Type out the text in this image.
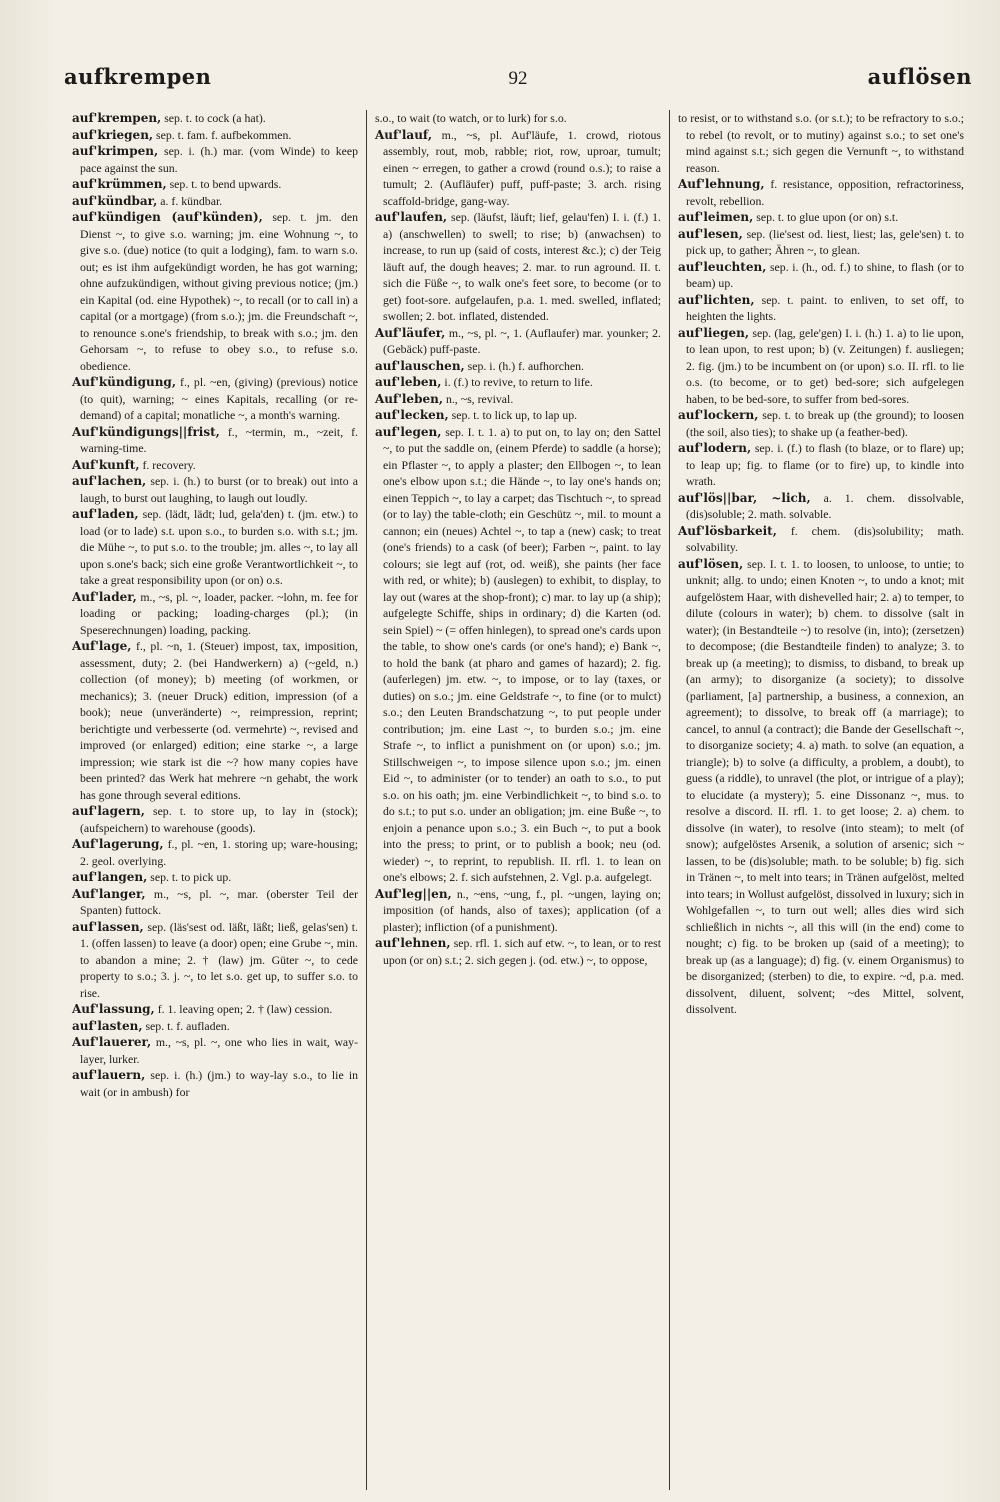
aufkrempen	92	auflösen

auf'krempen, sep. t. to cock (a hat).

auf'kriegen, sep. t. fam. f. aufbekommen.

auf'krimpen, sep. i. (h.) mar. (vom Winde) to keep pace against the sun.

auf'krümmen, sep. t. to bend upwards.

auf'kündbar, a. f. kündbar.

auf'kündigen (auf'künden), sep. t. jm. den Dienst ~, to give s.o. warning; jm. eine Wohnung ~, to give s.o. (due) notice (to quit a lodging), fam. to warn s.o. out; es ist ihm aufgekündigt worden, he has got warning; ohne aufzukündigen, without giving previous notice; (jm.) ein Kapital (od. eine Hypothek) ~, to recall (or to call in) a capital (or a mortgage) (from s.o.); jm. die Freundschaft ~, to renounce s.one's friendship, to break with s.o.; jm. den Gehorsam ~, to refuse to obey s.o., to refuse s.o. obedience.

Auf'kündigung, f., pl. ~en, (giving) (previous) notice (to quit), warning; ~ eines Kapitals, recalling (or re-demand) of a capital; monatliche ~, a month's warning.

Auf'kündigungs||frist, f., ~termin, m., ~zeit, f. warning-time.

Auf'kunft, f. recovery.

auf'lachen, sep. i. (h.) to burst (or to break) out into a laugh, to burst out laughing, to laugh out loudly.

auf'laden, sep. (lädt, lädt; lud, gela'den) t. (jm. etw.) to load (or to lade) s.t. upon s.o., to burden s.o. with s.t.; jm. die Mühe ~, to put s.o. to the trouble; jm. alles ~, to lay all upon s.one's back; sich eine große Verantwortlichkeit ~, to take a great responsibility upon (or on) o.s.

Auf'lader, m., ~s, pl. ~, loader, packer. ~lohn, m. fee for loading or packing; loading-charges (pl.); (in Speserechnungen) loading, packing.

Auf'lage, f., pl. ~n, 1. (Steuer) impost, tax, imposition, assessment, duty; 2. (bei Handwerkern) a) (~geld, n.) collection (of money); b) meeting (of workmen, or mechanics); 3. (neuer Druck) edition, impression (of a book); neue (unveränderte) ~, reimpression, reprint; berichtigte und verbesserte (od. vermehrte) ~, revised and improved (or enlarged) edition; eine starke ~, a large impression; wie stark ist die ~? how many copies have been printed? das Werk hat mehrere ~n gehabt, the work has gone through several editions.

auf'lagern, sep. t. to store up, to lay in (stock); (aufspeichern) to warehouse (goods).

Auf'lagerung, f., pl. ~en, 1. storing up; ware-housing; 2. geol. overlying.

auf'langen, sep. t. to pick up.

Auf'langer, m., ~s, pl. ~, mar. (oberster Teil der Spanten) futtock.

auf'lassen, sep. (läs'sest od. läßt, läßt; ließ, gelas'sen) t. 1. (offen lassen) to leave (a door) open; eine Grube ~, min. to abandon a mine; 2. † (law) jm. Güter ~, to cede property to s.o.; 3. j. ~, to let s.o. get up, to suffer s.o. to rise.

Auf'lassung, f. 1. leaving open; 2. † (law) cession.

auf'lasten, sep. t. f. aufladen.

Auf'lauerer, m., ~s, pl. ~, one who lies in wait, way-layer, lurker.

auf'lauern, sep. i. (h.) (jm.) to way-lay s.o., to lie in wait (or in ambush) for

s.o., to wait (to watch, or to lurk) for s.o.

Auf'lauf, m., ~s, pl. Auf'läufe, 1. crowd, riotous assembly, rout, mob, rabble; riot, row, uproar, tumult; einen ~ erregen, to gather a crowd (round o.s.); to raise a tumult; 2. (Aufläufer) puff, puff-paste; 3. arch. rising scaffold-bridge, gang-way.

auf'laufen, sep. (läufst, läuft; lief, gelau'fen) I. i. (f.) 1. a) (anschwellen) to swell; to rise; b) (anwachsen) to increase, to run up (said of costs, interest &c.); c) der Teig läuft auf, the dough heaves; 2. mar. to run aground. II. t. sich die Füße ~, to walk one's feet sore, to become (or to get) foot-sore. aufgelaufen, p.a. 1. med. swelled, inflated; swollen; 2. bot. inflated, distended.

Auf'läufer, m., ~s, pl. ~, 1. (Auflaufer) mar. younker; 2. (Gebäck) puff-paste.

auf'lauschen, sep. i. (h.) f. aufhorchen.

auf'leben, i. (f.) to revive, to return to life.

Auf'leben, n., ~s, revival.

auf'lecken, sep. t. to lick up, to lap up.

auf'legen, sep. I. t. 1. a) to put on, to lay on; den Sattel ~, to put the saddle on, (einem Pferde) to saddle (a horse); ein Pflaster ~, to apply a plaster; den Ellbogen ~, to lean one's elbow upon s.t.; die Hände ~, to lay one's hands on; einen Teppich ~, to lay a carpet; das Tischtuch ~, to spread (or to lay) the table-cloth; ein Geschütz ~, mil. to mount a cannon; ein (neues) Achtel ~, to tap a (new) cask; to treat (one's friends) to a cask (of beer); Farben ~, paint. to lay colours; sie legt auf (rot, od. weiß), she paints (her face with red, or white); b) (auslegen) to exhibit, to display, to lay out (wares at the shop-front); c) mar. to lay up (a ship); aufgelegte Schiffe, ships in ordinary; d) die Karten (od. sein Spiel) ~ (= offen hinlegen), to spread one's cards upon the table, to show one's cards (or one's hand); e) Bank ~, to hold the bank (at pharo and games of hazard); 2. fig. (auferlegen) jm. etw. ~, to impose, or to lay (taxes, or duties) on s.o.; jm. eine Geldstrafe ~, to fine (or to mulct) s.o.; den Leuten Brandschatzung ~, to put people under contribution; jm. eine Last ~, to burden s.o.; jm. eine Strafe ~, to inflict a punishment on (or upon) s.o.; jm. Stillschweigen ~, to impose silence upon s.o.; jm. einen Eid ~, to administer (or to tender) an oath to s.o., to put s.o. on his oath; jm. eine Verbindlichkeit ~, to bind s.o. to do s.t.; to put s.o. under an obligation; jm. eine Buße ~, to enjoin a penance upon s.o.; 3. ein Buch ~, to put a book into the press; to print, or to publish a book; neu (od. wieder) ~, to reprint, to republish. II. rfl. 1. to lean on one's elbows; 2. f. sich aufstehnen, 2. Vgl. p.a. aufgelegt.

Auf'leg||en, n., ~ens, ~ung, f., pl. ~ungen, laying on; imposition (of hands, also of taxes); application (of a plaster); infliction (of a punishment).

auf'lehnen, sep. rfl. 1. sich auf etw. ~, to lean, or to rest upon (or on) s.t.; 2. sich gegen j. (od. etw.) ~, to oppose,

to resist, or to withstand s.o. (or s.t.); to be refractory to s.o.; to rebel (to revolt, or to mutiny) against s.o.; to set one's mind against s.t.; sich gegen die Vernunft ~, to withstand reason.

Auf'lehnung, f. resistance, opposition, refractoriness, revolt, rebellion.

auf'leimen, sep. t. to glue upon (or on) s.t.

auf'lesen, sep. (lie'sest od. liest, liest; las, gele'sen) t. to pick up, to gather; Ähren ~, to glean.

auf'leuchten, sep. i. (h., od. f.) to shine, to flash (or to beam) up.

auf'lichten, sep. t. paint. to enliven, to set off, to heighten the lights.

auf'liegen, sep. (lag, gele'gen) I. i. (h.) 1. a) to lie upon, to lean upon, to rest upon; b) (v. Zeitungen) f. ausliegen; 2. fig. (jm.) to be incumbent on (or upon) s.o. II. rfl. to lie o.s. (to become, or to get) bed-sore; sich aufgelegen haben, to be bed-sore, to suffer from bed-sores.

auf'lockern, sep. t. to break up (the ground); to loosen (the soil, also ties); to shake up (a feather-bed).

auf'lodern, sep. i. (f.) to flash (to blaze, or to flare) up; to leap up; fig. to flame (or to fire) up, to kindle into wrath.

auf'lös||bar, ~lich, a. 1. chem. dissolvable, (dis)soluble; 2. math. solvable.

Auf'lösbarkeit, f. chem. (dis)solubility; math. solvability.

auf'lösen, sep. I. t. 1. to loosen, to unloose, to untie; to unknit; allg. to undo; einen Knoten ~, to undo a knot; mit aufgelöstem Haar, with dishevelled hair; 2. a) to temper, to dilute (colours in water); b) chem. to dissolve (salt in water); (in Bestandteile ~) to resolve (in, into); (zersetzen) to decompose; (die Bestandteile finden) to analyze; 3. to break up (a meeting); to dismiss, to disband, to break up (an army); to disorganize (a society); to dissolve (parliament, [a] partnership, a business, a connexion, an agreement); to dissolve, to break off (a marriage); to cancel, to annul (a contract); die Bande der Gesellschaft ~, to disorganize society; 4. a) math. to solve (an equation, a triangle); b) to solve (a difficulty, a problem, a doubt), to guess (a riddle), to unravel (the plot, or intrigue of a play); to elucidate (a mystery); 5. eine Dissonanz ~, mus. to resolve a discord. II. rfl. 1. to get loose; 2. a) chem. to dissolve (in water), to resolve (into steam); to melt (of snow); aufgelöstes Arsenik, a solution of arsenic; sich ~ lassen, to be (dis)soluble; math. to be soluble; b) fig. sich in Tränen ~, to melt into tears; in Tränen aufgelöst, melted into tears; in Wollust aufgelöst, dissolved in luxury; sich in Wohlgefallen ~, to turn out well; alles dies wird sich schließlich in nichts ~, all this will (in the end) come to nought; c) fig. to be broken up (said of a meeting); to break up (as a language); d) fig. (v. einem Organismus) to be disorganized; (sterben) to die, to expire. ~d, p.a. med. dissolvent, diluent, solvent; ~des Mittel, solvent, dissolvent.
